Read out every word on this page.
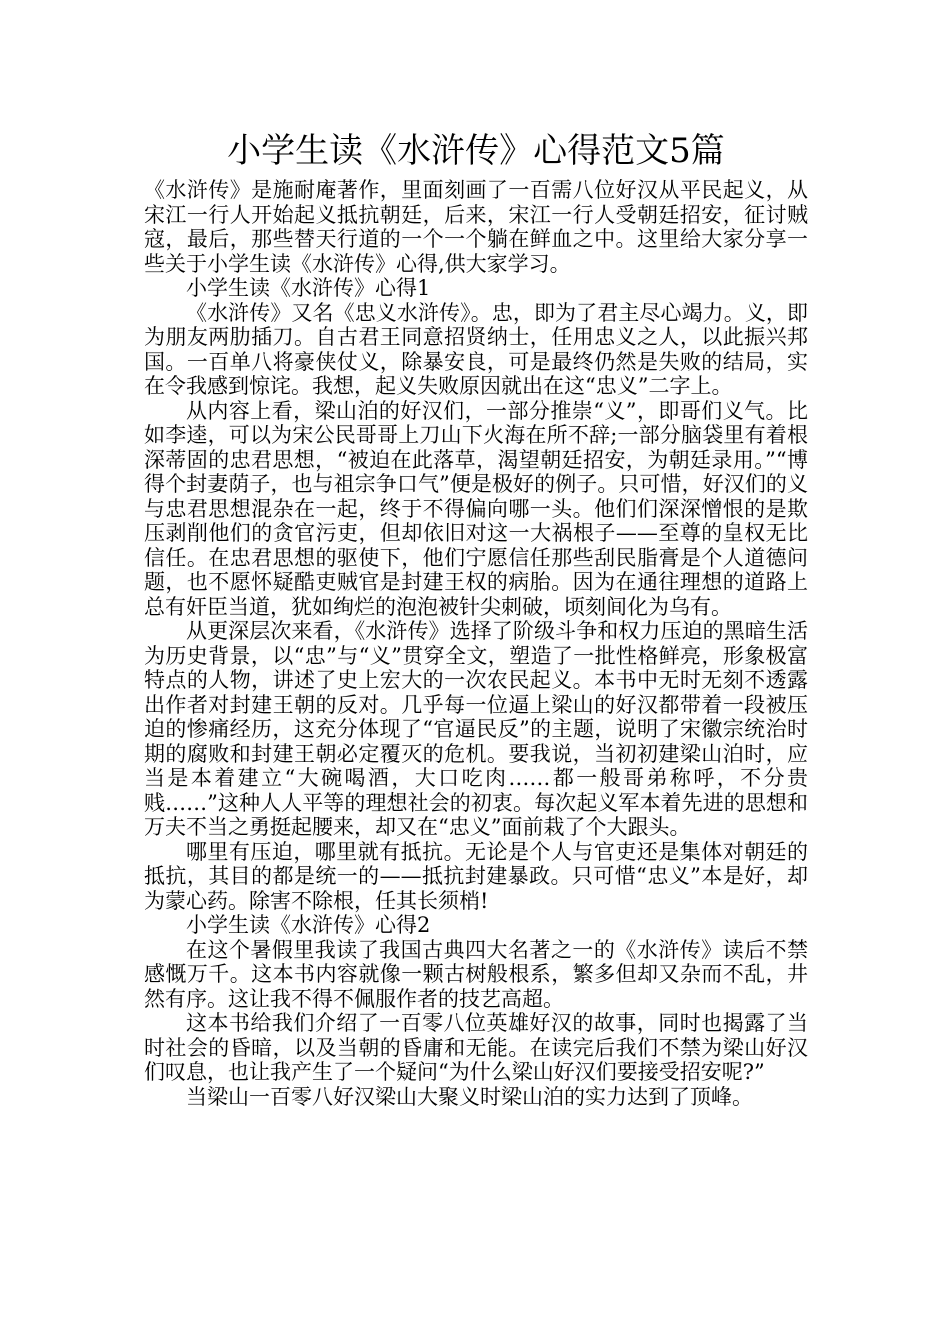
小学生读《水浒传》心得范文5篇

《水浒传》是施耐庵著作，里面刻画了一百需八位好汉从平民起义，从宋江一行人开始起义抵抗朝廷，后来，宋江一行人受朝廷招安，征讨贼寇，最后，那些替天行道的一个一个躺在鲜血之中。这里给大家分享一些关于小学生读《水浒传》心得,供大家学习。

小学生读《水浒传》心得1

《水浒传》又名《忠义水浒传》。忠，即为了君主尽心竭力。义，即为朋友两肋插刀。自古君王同意招贤纳士，任用忠义之人，以此振兴邦国。一百单八将豪侠仗义，除暴安良，可是最终仍然是失败的结局，实在令我感到惊诧。我想，起义失败原因就出在这“忠义”二字上。

从内容上看，梁山泊的好汉们，一部分推崇“义”，即哥们义气。比如李逵，可以为宋公民哥哥上刀山下火海在所不辞;一部分脑袋里有着根深蒂固的忠君思想，“被迫在此落草，渴望朝廷招安，为朝廷录用。”“博得个封妻荫子，也与祖宗争口气”便是极好的例子。只可惜，好汉们的义与忠君思想混杂在一起，终于不得偏向哪一头。他们们深深憎恨的是欺压剥削他们的贪官污吏，但却依旧对这一大祸根子——至尊的皇权无比信任。在忠君思想的驱使下，他们宁愿信任那些刮民脂膏是个人道德问题，也不愿怀疑酷吏贼官是封建王权的病胎。因为在通往理想的道路上总有奸臣当道，犹如绚烂的泡泡被针尖刺破，顷刻间化为乌有。

从更深层次来看，《水浒传》选择了阶级斗争和权力压迫的黑暗生活为历史背景，以“忠”与“义”贯穿全文，塑造了一批性格鲜亮，形象极富特点的人物，讲述了史上宏大的一次农民起义。本书中无时无刻不透露出作者对封建王朝的反对。几乎每一位逼上梁山的好汉都带着一段被压迫的惨痛经历，这充分体现了“官逼民反”的主题，说明了宋徽宗统治时期的腐败和封建王朝必定覆灭的危机。要我说，当初初建梁山泊时，应当是本着建立“大碗喝酒，大口吃肉……都一般哥弟称呼，不分贵贱……”这种人人平等的理想社会的初衷。每次起义军本着先进的思想和万夫不当之勇挺起腰来，却又在“忠义”面前栽了个大跟头。

哪里有压迫，哪里就有抵抗。无论是个人与官吏还是集体对朝廷的抵抗，其目的都是统一的——抵抗封建暴政。只可惜“忠义”本是好，却为蒙心药。除害不除根，任其长须梢!

小学生读《水浒传》心得2

在这个暑假里我读了我国古典四大名著之一的《水浒传》读后不禁感慨万千。这本书内容就像一颗古树般根系，繁多但却又杂而不乱，井然有序。这让我不得不佩服作者的技艺高超。

这本书给我们介绍了一百零八位英雄好汉的故事，同时也揭露了当时社会的昏暗，以及当朝的昏庸和无能。在读完后我们不禁为梁山好汉们叹息，也让我产生了一个疑问“为什么梁山好汉们要接受招安呢?”

当梁山一百零八好汉梁山大聚义时梁山泊的实力达到了顶峰。
